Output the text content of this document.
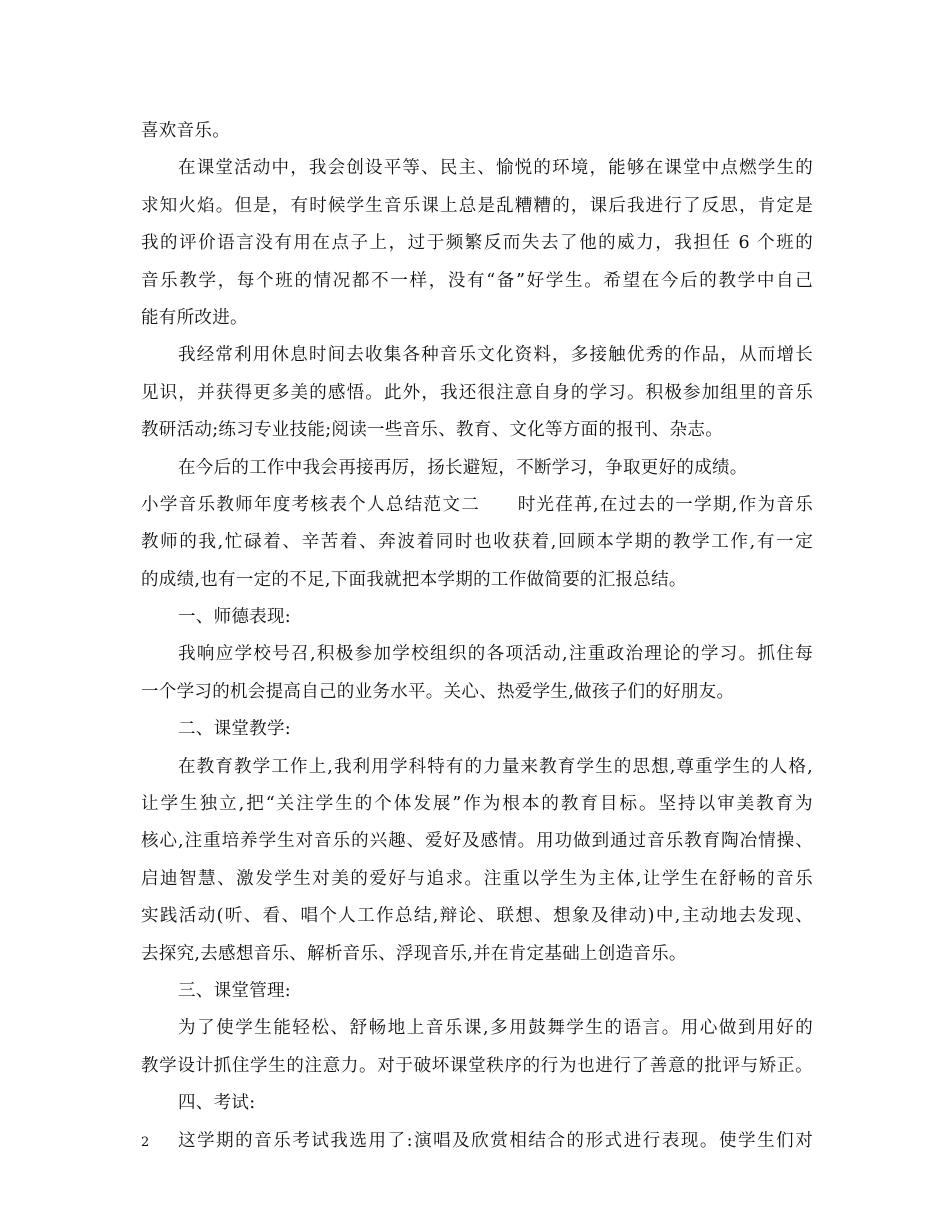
喜欢音乐。
在课堂活动中，我会创设平等、民主、愉悦的环境，能够在课堂中点燃学生的
求知火焰。但是，有时候学生音乐课上总是乱糟糟的，课后我进行了反思，肯定是
我的评价语言没有用在点子上，过于频繁反而失去了他的威力，我担任 6 个班的
音乐教学，每个班的情况都不一样，没有“备”好学生。希望在今后的教学中自己
能有所改进。
我经常利用休息时间去收集各种音乐文化资料，多接触优秀的作品，从而增长
见识，并获得更多美的感悟。此外，我还很注意自身的学习。积极参加组里的音乐
教研活动;练习专业技能;阅读一些音乐、教育、文化等方面的报刊、杂志。
在今后的工作中我会再接再厉，扬长避短，不断学习，争取更好的成绩。
小学音乐教师年度考核表个人总结范文二　　时光荏苒,在过去的一学期,作为音乐
教师的我,忙碌着、辛苦着、奔波着同时也收获着,回顾本学期的教学工作,有一定
的成绩,也有一定的不足,下面我就把本学期的工作做简要的汇报总结。
一、师德表现:
我响应学校号召,积极参加学校组织的各项活动,注重政治理论的学习。抓住每
一个学习的机会提高自己的业务水平。关心、热爱学生,做孩子们的好朋友。
二、课堂教学:
在教育教学工作上,我利用学科特有的力量来教育学生的思想,尊重学生的人格,
让学生独立,把“关注学生的个体发展”作为根本的教育目标。坚持以审美教育为
核心,注重培养学生对音乐的兴趣、爱好及感情。用功做到通过音乐教育陶冶情操、
启迪智慧、激发学生对美的爱好与追求。注重以学生为主体,让学生在舒畅的音乐
实践活动(听、看、唱个人工作总结,辩论、联想、想象及律动)中,主动地去发现、
去探究,去感想音乐、解析音乐、浮现音乐,并在肯定基础上创造音乐。
三、课堂管理:
为了使学生能轻松、舒畅地上音乐课,多用鼓舞学生的语言。用心做到用好的
教学设计抓住学生的注意力。对于破坏课堂秩序的行为也进行了善意的批评与矫正。
四、考试:
这学期的音乐考试我选用了:演唱及欣赏相结合的形式进行表现。使学生们对
2
